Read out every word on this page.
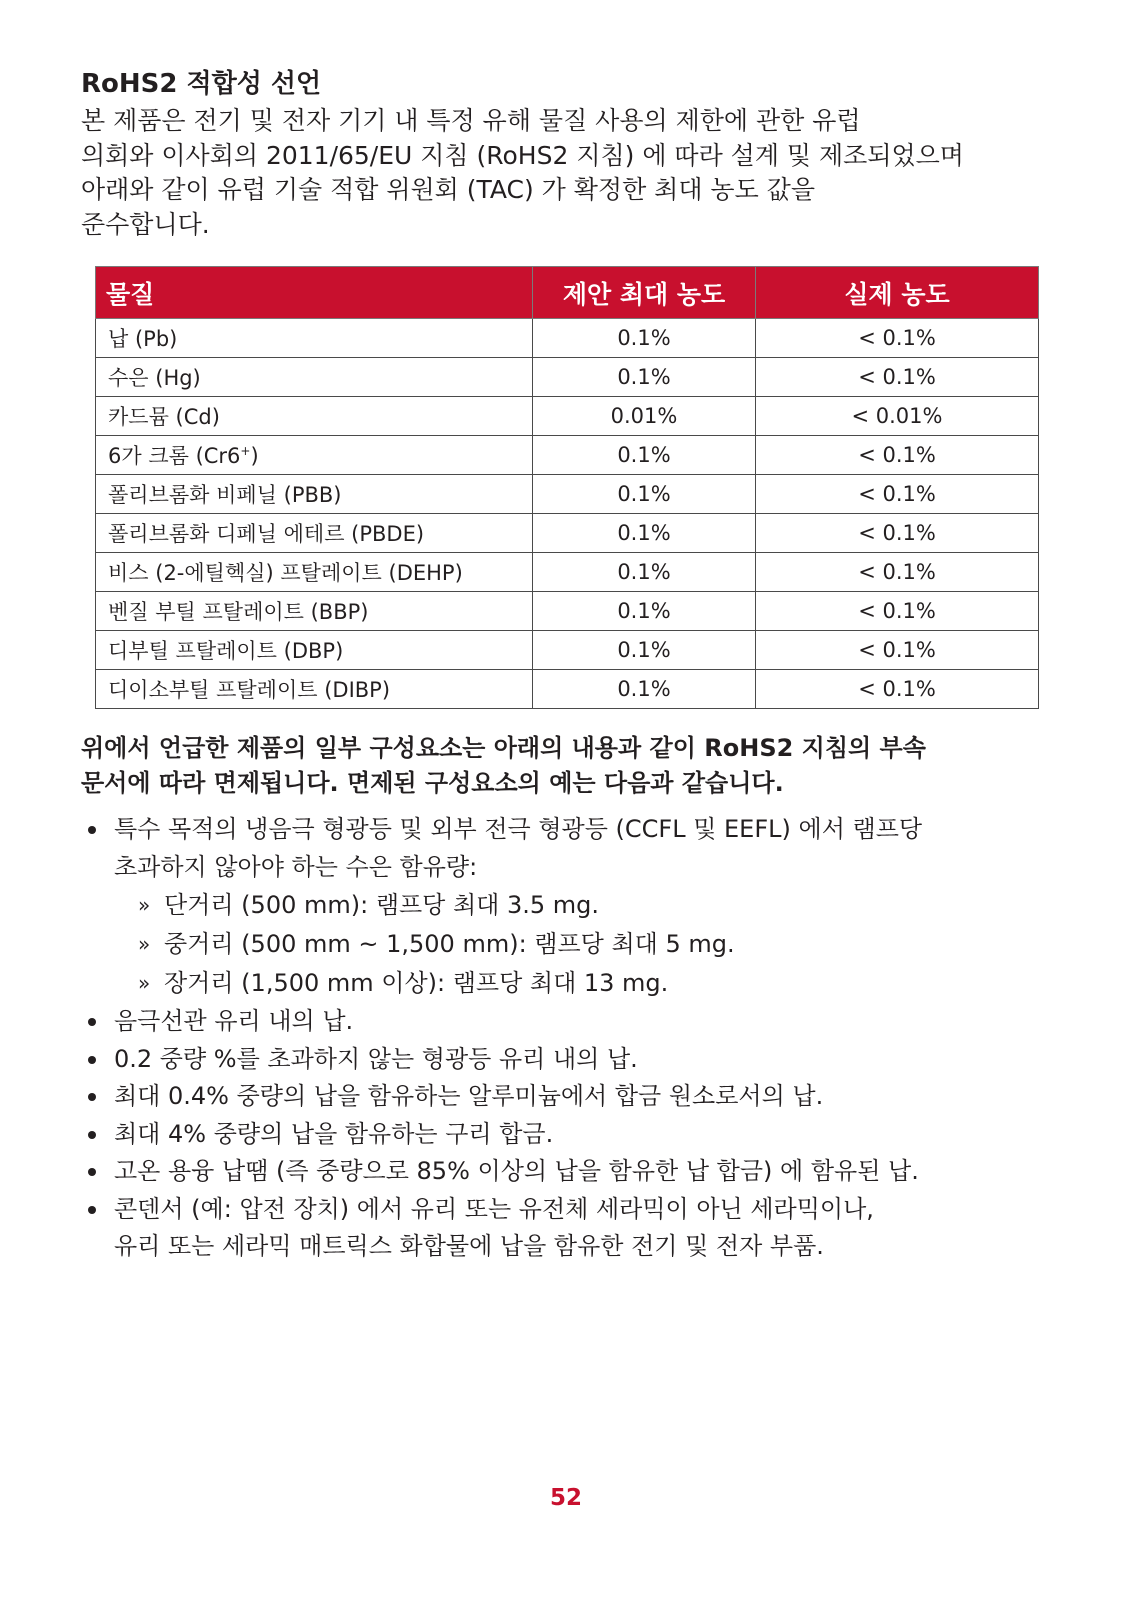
RoHS2 적합성 선언

본 제품은 전기 및 전자 기기 내 특정 유해 물질 사용의 제한에 관한 유럽
의회와 이사회의 2011/65/EU 지침 (RoHS2 지침) 에 따라 설계 및 제조되었으며
아래와 같이 유럽 기술 적합 위원회 (TAC) 가 확정한 최대 농도 값을
준수합니다.

물질	제안 최대 농도	실제 농도
납 (Pb)	0.1%	< 0.1%
수은 (Hg)	0.1%	< 0.1%
카드뮴 (Cd)	0.01%	< 0.01%
6가 크롬 (Cr6+)	0.1%	< 0.1%
폴리브롬화 비페닐 (PBB)	0.1%	< 0.1%
폴리브롬화 디페닐 에테르 (PBDE)	0.1%	< 0.1%
비스 (2-에틸헥실) 프탈레이트 (DEHP)	0.1%	< 0.1%
벤질 부틸 프탈레이트 (BBP)	0.1%	< 0.1%
디부틸 프탈레이트 (DBP)	0.1%	< 0.1%
디이소부틸 프탈레이트 (DIBP)	0.1%	< 0.1%

위에서 언급한 제품의 일부 구성요소는 아래의 내용과 같이 RoHS2 지침의 부속
문서에 따라 면제됩니다. 면제된 구성요소의 예는 다음과 같습니다.

특수 목적의 냉음극 형광등 및 외부 전극 형광등 (CCFL 및 EEFL) 에서 램프당
초과하지 않아야 하는 수은 함유량:
» 단거리 (500 mm): 램프당 최대 3.5 mg.
» 중거리 (500 mm ~ 1,500 mm): 램프당 최대 5 mg.
» 장거리 (1,500 mm 이상): 램프당 최대 13 mg.
음극선관 유리 내의 납.
0.2 중량 %를 초과하지 않는 형광등 유리 내의 납.
최대 0.4% 중량의 납을 함유하는 알루미늄에서 합금 원소로서의 납.
최대 4% 중량의 납을 함유하는 구리 합금.
고온 용융 납땜 (즉 중량으로 85% 이상의 납을 함유한 납 합금) 에 함유된 납.
콘덴서 (예: 압전 장치) 에서 유리 또는 유전체 세라믹이 아닌 세라믹이나,
유리 또는 세라믹 매트릭스 화합물에 납을 함유한 전기 및 전자 부품.
52
